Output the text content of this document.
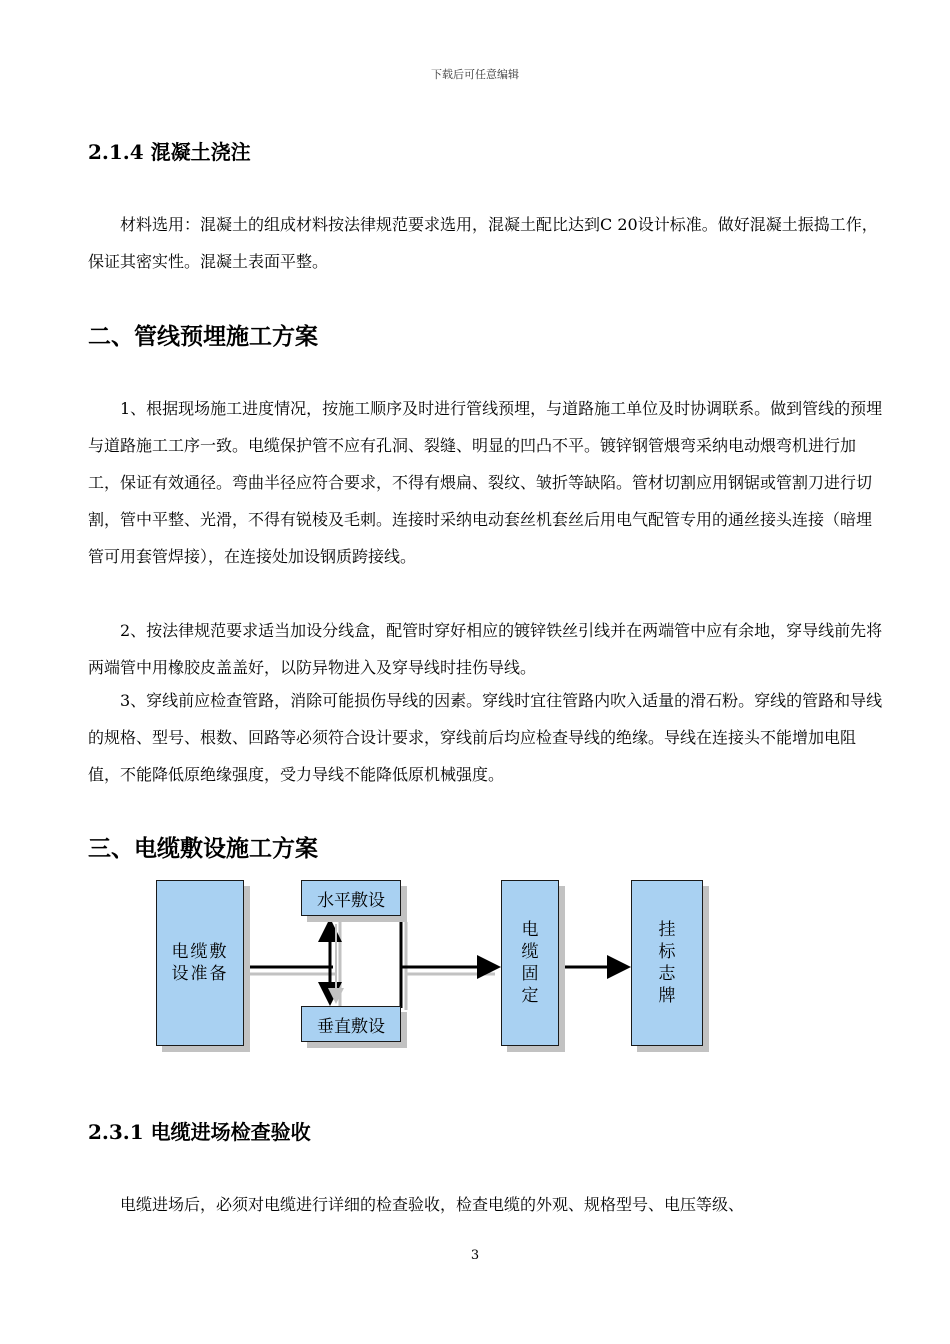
下载后可任意编辑
2.1.4 混凝土浇注

材料选用：混凝土的组成材料按法律规范要求选用，混凝土配比达到C 20设计标准。做好混凝土振捣工作，保证其密实性。混凝土表面平整。

二、管线预埋施工方案

1、根据现场施工进度情况，按施工顺序及时进行管线预埋，与道路施工单位及时协调联系。做到管线的预埋与道路施工工序一致。电缆保护管不应有孔洞、裂缝、明显的凹凸不平。镀锌钢管煨弯采纳电动煨弯机进行加工，保证有效通径。弯曲半径应符合要求，不得有煨扁、裂纹、皱折等缺陷。管材切割应用钢锯或管割刀进行切割，管中平整、光滑，不得有锐棱及毛刺。连接时采纳电动套丝机套丝后用电气配管专用的通丝接头连接（暗埋管可用套管焊接），在连接处加设钢质跨接线。

2、按法律规范要求适当加设分线盒，配管时穿好相应的镀锌铁丝引线并在两端管中应有余地，穿导线前先将两端管中用橡胶皮盖盖好，以防异物进入及穿导线时挂伤导线。

3、穿线前应检查管路，消除可能损伤导线的因素。穿线时宜往管路内吹入适量的滑石粉。穿线的管路和导线的规格、型号、根数、回路等必须符合设计要求，穿线前后均应检查导线的绝缘。导线在连接头不能增加电阻值，不能降低原绝缘强度，受力导线不能降低原机械强度。

三、电缆敷设施工方案
电缆敷设准备
水平敷设
垂直敷设
电缆固定
挂标志牌
2.3.1 电缆进场检查验收

电缆进场后，必须对电缆进行详细的检查验收，检查电缆的外观、规格型号、电压等级、

3
